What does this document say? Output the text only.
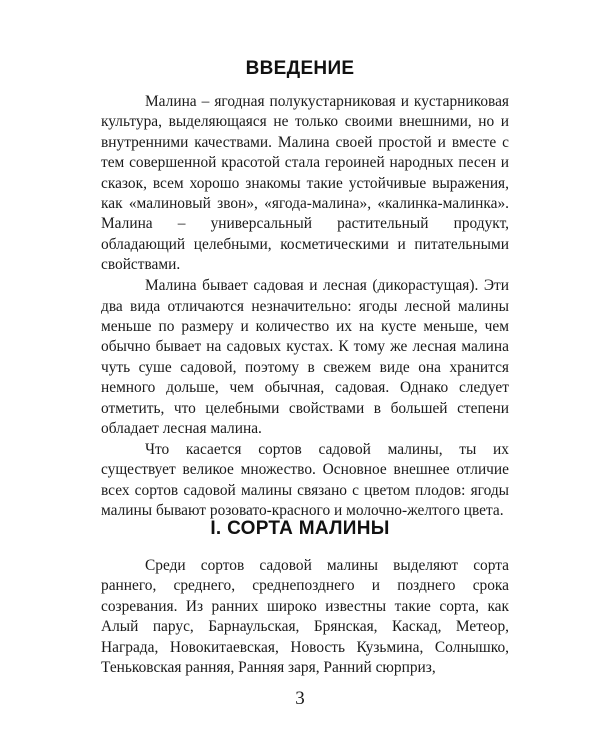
ВВЕДЕНИЕ

Малина – ягодная полукустарниковая и кустарниковая культура, выделяющаяся не только своими внешними, но и внутренними качествами. Малина своей простой и вместе с тем совершенной красотой стала героиней народных песен и сказок, всем хорошо знакомы такие устойчивые выражения, как «малиновый звон», «ягода-малина», «калинка-малинка». Малина – универсальный растительный продукт, обладающий целебными, косметическими и питательными свойствами.

Малина бывает садовая и лесная (дикорастущая). Эти два вида отличаются незначительно: ягоды лесной малины меньше по размеру и количество их на кусте меньше, чем обычно бывает на садовых кустах. К тому же лесная малина чуть суше садовой, поэтому в свежем виде она хранится немного дольше, чем обычная, садовая. Однако следует отметить, что целебными свойствами в большей степени обладает лесная малина.

Что касается сортов садовой малины, ты их существует великое множество. Основное внешнее отличие всех сортов садовой малины связано с цветом плодов: ягоды малины бывают розовато-красного и молочно-желтого цвета.

I. СОРТА МАЛИНЫ

Среди сортов садовой малины выделяют сорта раннего, среднего, среднепозднего и позднего срока созревания. Из ранних широко известны такие сорта, как Алый парус, Барнаульская, Брянская, Каскад, Метеор, Награда, Новокитаевская, Новость Кузьмина, Солнышко, Теньковская ранняя, Ранняя заря, Ранний сюрприз,

3
